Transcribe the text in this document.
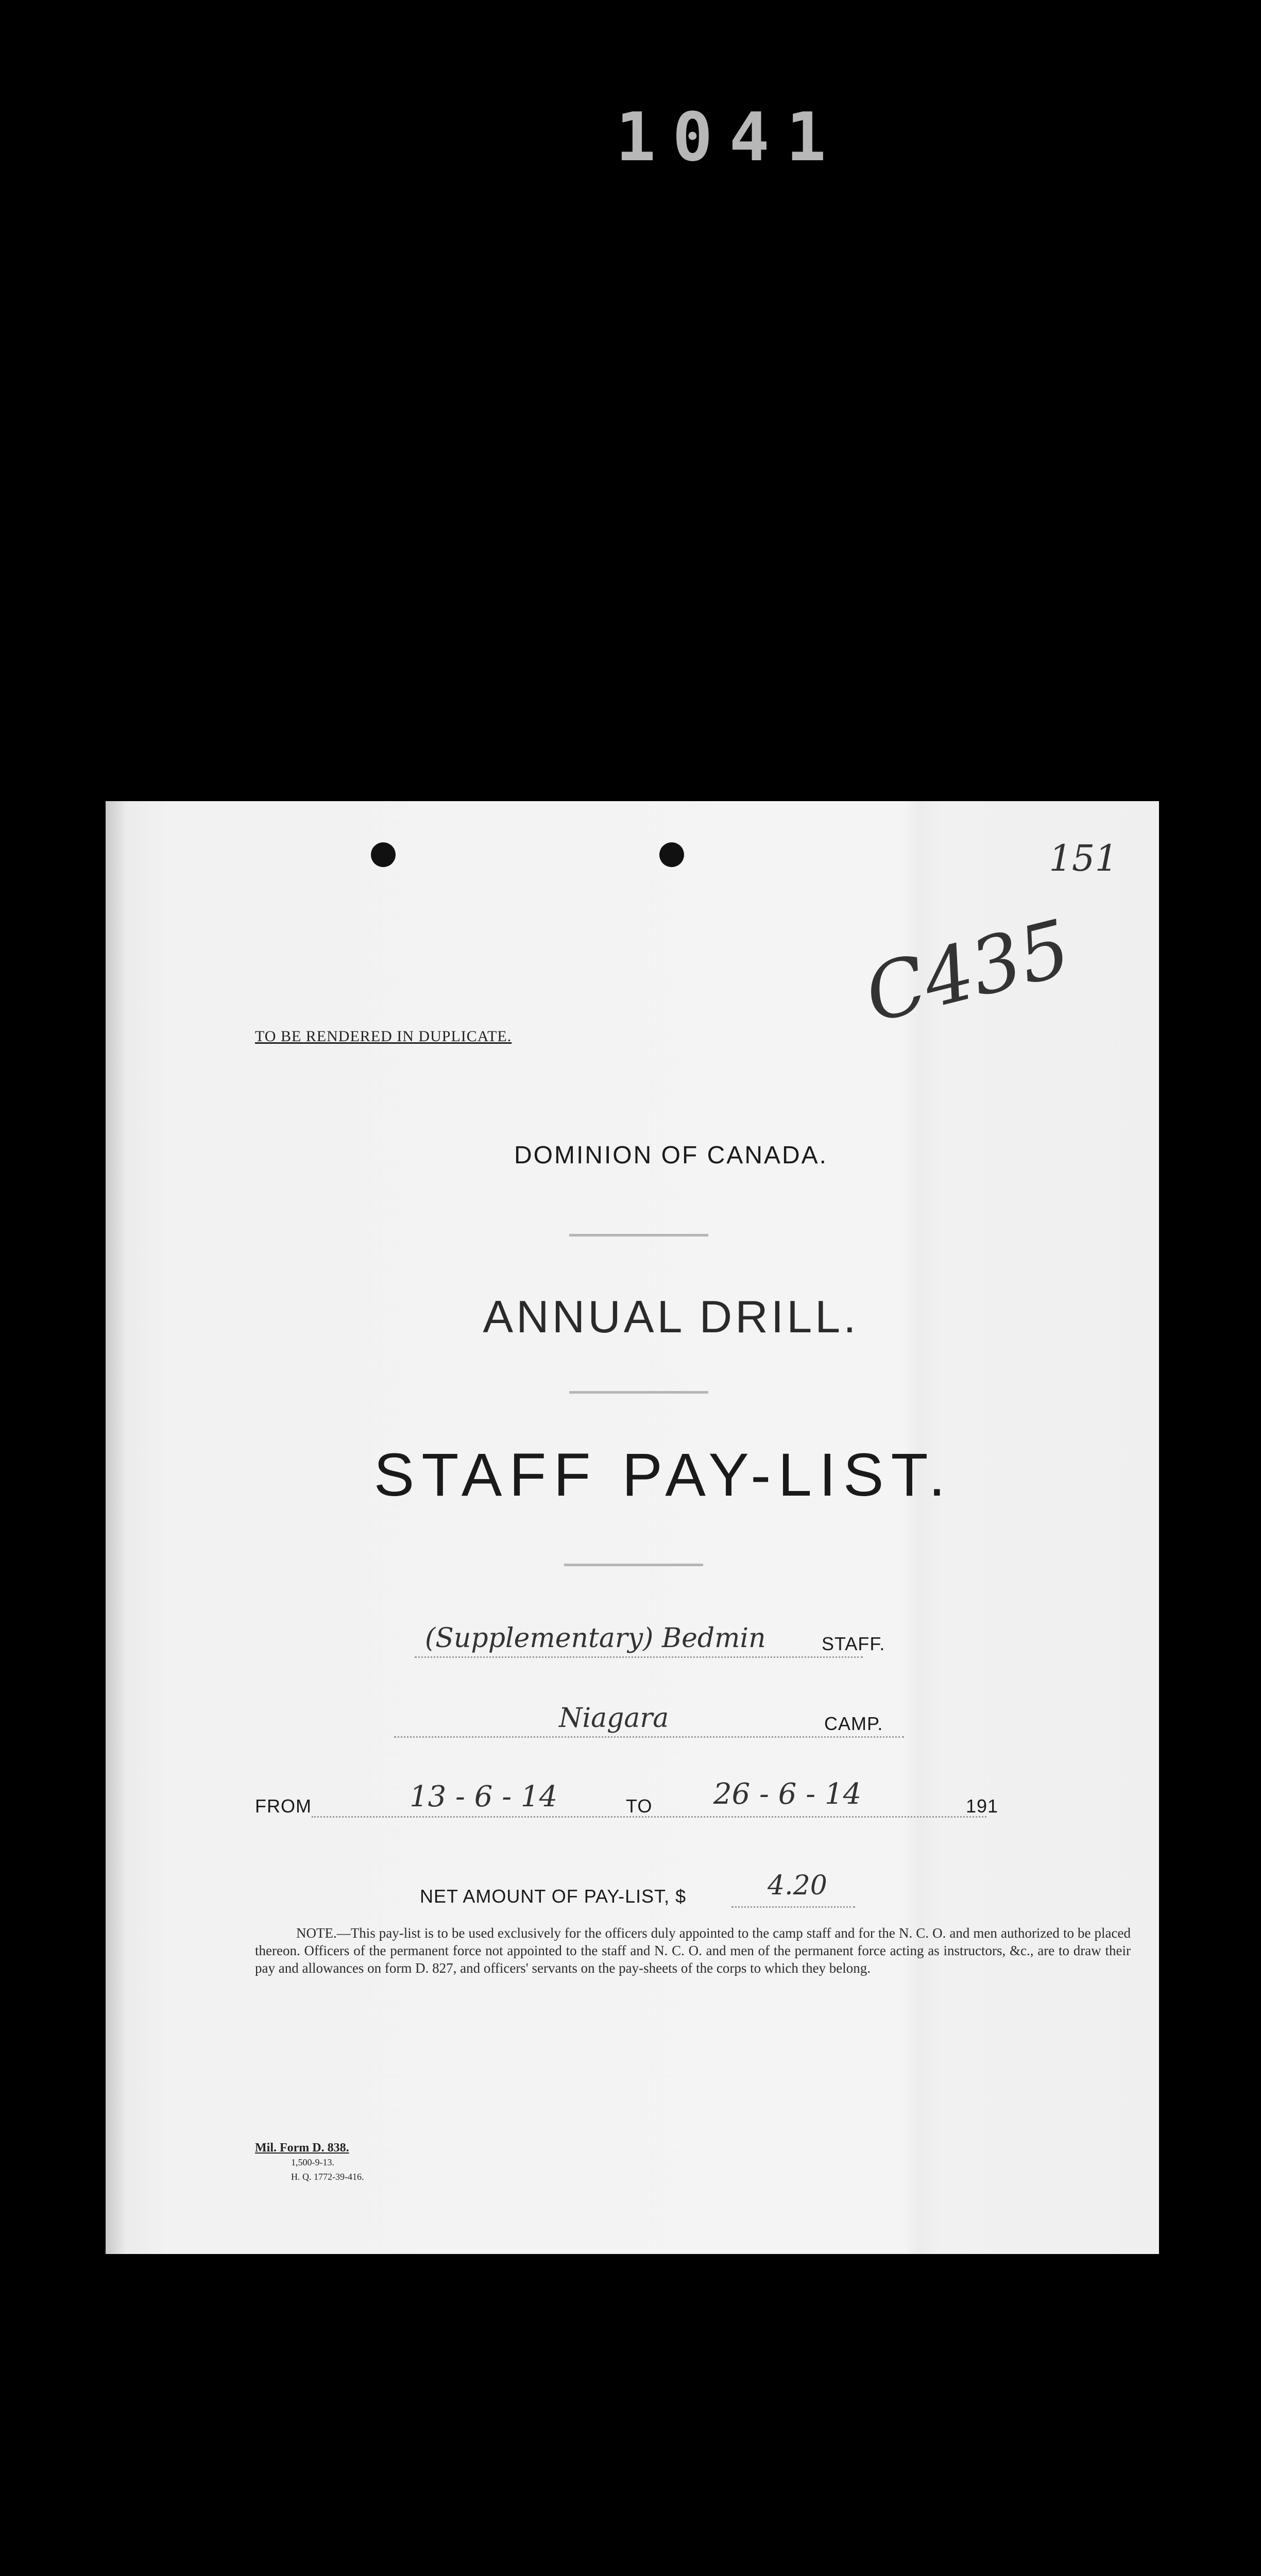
1041
151
C435
TO BE RENDERED IN DUPLICATE.
DOMINION OF CANADA.
ANNUAL DRILL.
STAFF PAY-LIST.
(Supplementary) Bedmin	STAFF.
Niagara	CAMP.
FROM	13 - 6 - 14	TO 26 - 6 - 14	191
NET AMOUNT OF PAY-LIST, $	4.20
NOTE.—This pay-list is to be used exclusively for the officers duly appointed to the camp staff and for the N. C. O. and men authorized to be placed thereon. Officers of the permanent force not appointed to the staff and N. C. O. and men of the permanent force acting as instructors, &c., are to draw their pay and allowances on form D. 827, and officers' servants on the pay-sheets of the corps to which they belong.
Mil. Form D. 838.
1,500-9-13.
H. Q. 1772-39-416.
